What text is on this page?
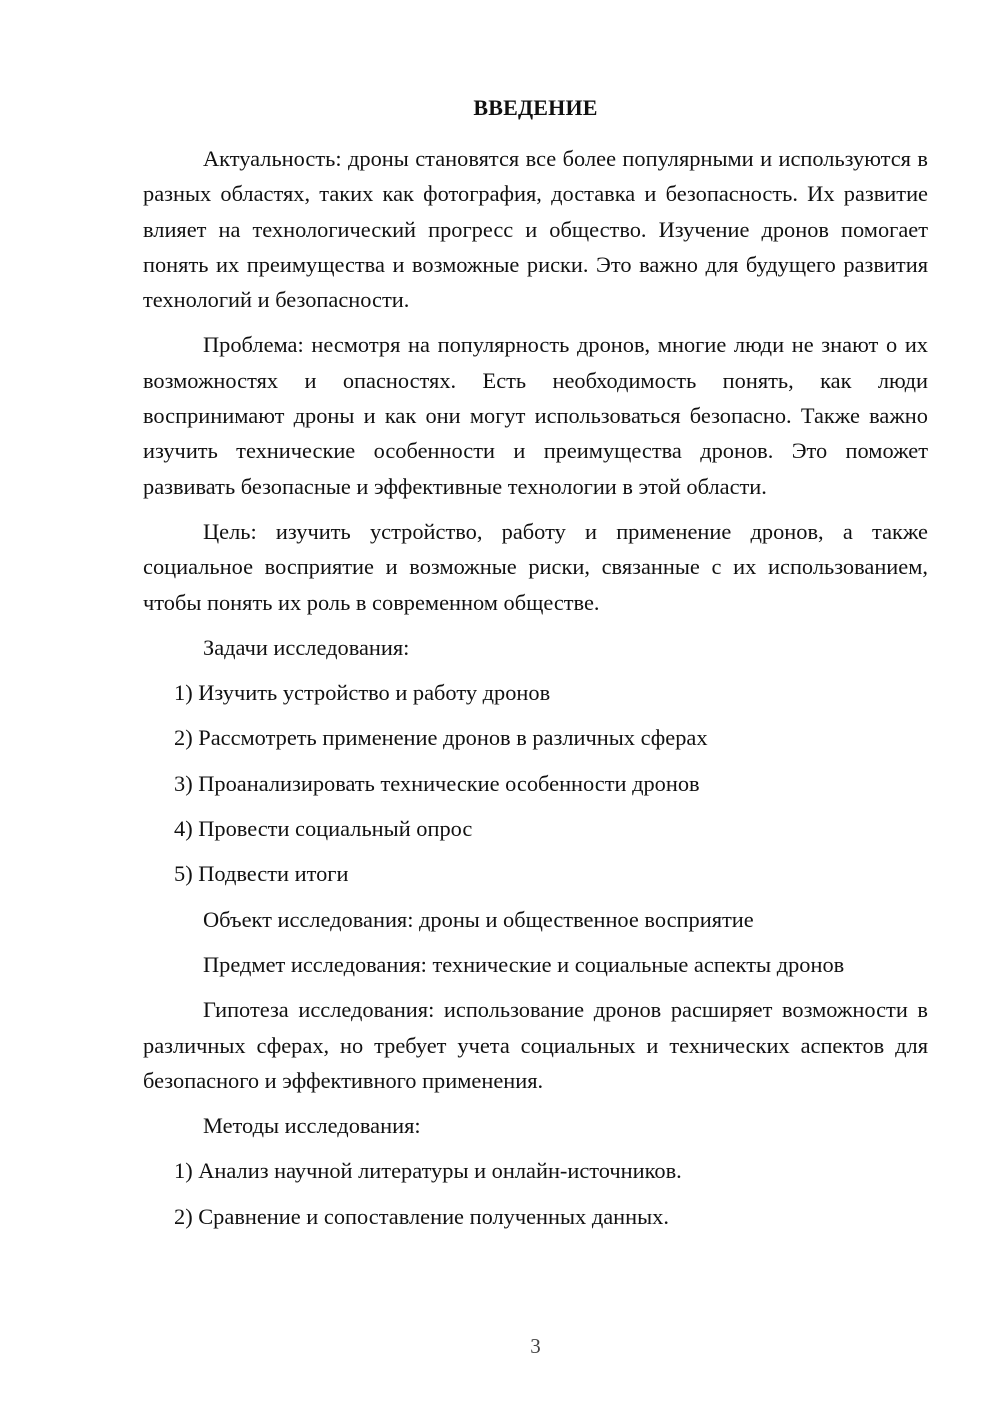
ВВЕДЕНИЕ

Актуальность: дроны становятся все более популярными и используются в разных областях, таких как фотография, доставка и безопасность. Их развитие влияет на технологический прогресс и общество. Изучение дронов помогает понять их преимущества и возможные риски. Это важно для будущего развития технологий и безопасности.

Проблема: несмотря на популярность дронов, многие люди не знают о их возможностях и опасностях. Есть необходимость понять, как люди воспринимают дроны и как они могут использоваться безопасно. Также важно изучить технические особенности и преимущества дронов. Это поможет развивать безопасные и эффективные технологии в этой области.

Цель: изучить устройство, работу и применение дронов, а также социальное восприятие и возможные риски, связанные с их использованием, чтобы понять их роль в современном обществе.

Задачи исследования:

1) Изучить устройство и работу дронов

2) Рассмотреть применение дронов в различных сферах

3) Проанализировать технические особенности дронов

4) Провести социальный опрос

5) Подвести итоги

Объект исследования: дроны и общественное восприятие

Предмет исследования: технические и социальные аспекты дронов

Гипотеза исследования: использование дронов расширяет возможности в различных сферах, но требует учета социальных и технических аспектов для безопасного и эффективного применения.

Методы исследования:

1) Анализ научной литературы и онлайн-источников.

2) Сравнение и сопоставление полученных данных.

3
